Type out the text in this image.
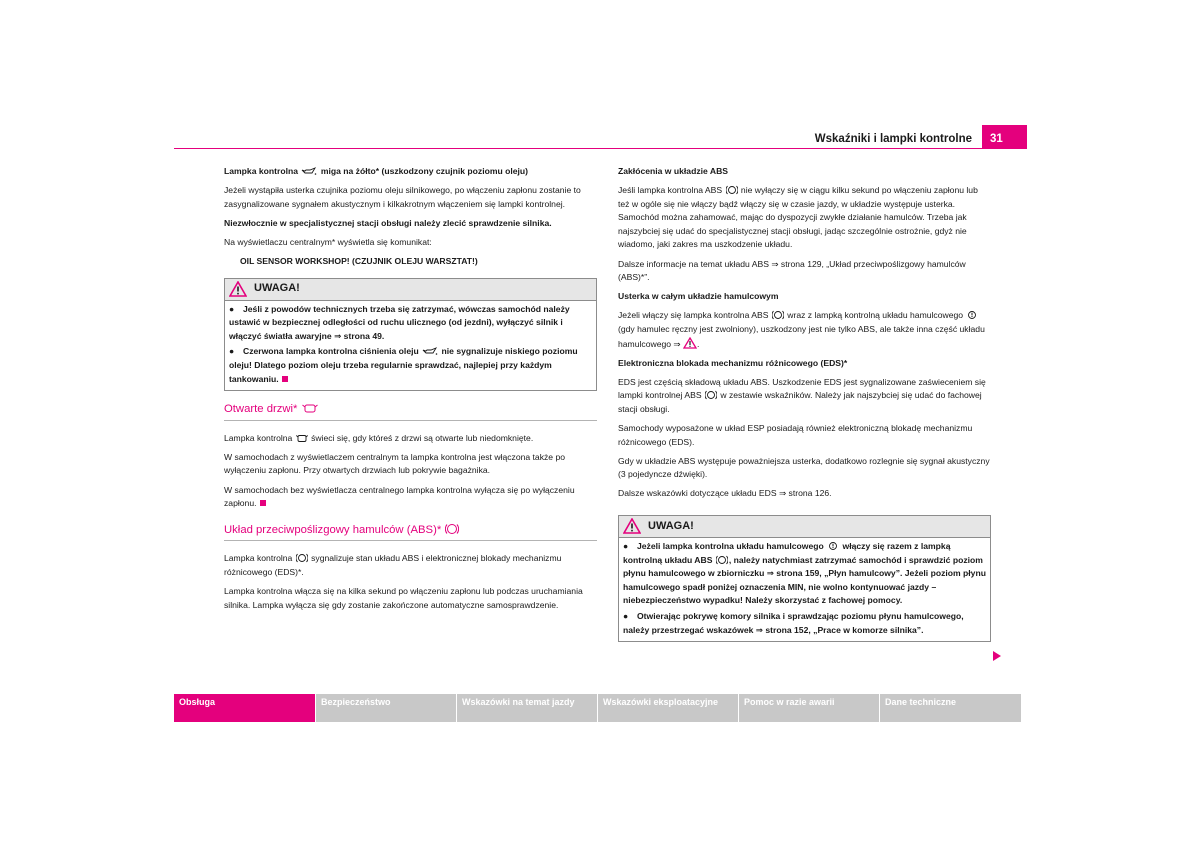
Wskaźniki i lampki kontrolne	31

Lampka kontrolna	miga na żółto* (uszkodzony czujnik poziomu oleju)

Jeżeli wystąpiła usterka czujnika poziomu oleju silnikowego, po włączeniu zapłonu zostanie to zasygnalizowane sygnałem akustycznym i kilkakrotnym włączeniem się lampki kontrolnej.

Niezwłocznie w specjalistycznej stacji obsługi należy zlecić sprawdzenie silnika.

Na wyświetlaczu centralnym* wyświetla się komunikat:

OIL SENSOR WORKSHOP! (CZUJNIK OLEJU WARSZTAT!)

UWAGA!

● Jeśli z powodów technicznych trzeba się zatrzymać, wówczas samochód należy ustawić w bezpiecznej odległości od ruchu ulicznego (od jezdni), wyłączyć silnik i włączyć światła awaryjne ⇒ strona 49.

● Czerwona lampka kontrolna ciśnienia oleju	nie sygnalizuje niskiego poziomu oleju! Dlatego poziom oleju trzeba regularnie sprawdzać, najlepiej przy każdym tankowaniu.

Otwarte drzwi*

Lampka kontrolna świeci się, gdy któreś z drzwi są otwarte lub niedomknięte.

W samochodach z wyświetlaczem centralnym ta lampka kontrolna jest włączona także po wyłączeniu zapłonu. Przy otwartych drzwiach lub pokrywie bagażnika.

W samochodach bez wyświetlacza centralnego lampka kontrolna wyłącza się po wyłączeniu zapłonu.

Układ przeciwpoślizgowy hamulców (ABS)*

Lampka kontrolna sygnalizuje stan układu ABS i elektronicznej blokady mechanizmu różnicowego (EDS)*.

Lampka kontrolna włącza się na kilka sekund po włączeniu zapłonu lub podczas uruchamiania silnika. Lampka wyłącza się gdy zostanie zakończone automatyczne samosprawdzenie.

Zakłócenia w układzie ABS

Jeśli lampka kontrolna ABS nie wyłączy się w ciągu kilku sekund po włączeniu zapłonu lub też w ogóle się nie włączy bądź włączy się w czasie jazdy, w układzie występuje usterka. Samochód można zahamować, mając do dyspozycji zwykłe działanie hamulców. Trzeba jak najszybciej się udać do specjalistycznej stacji obsługi, jadąc szczególnie ostrożnie, gdyż nie wiadomo, jaki zakres ma uszkodzenie układu.

Dalsze informacje na temat układu ABS ⇒ strona 129, „Układ przeciwpoślizgowy hamulców (ABS)*”.

Usterka w całym układzie hamulcowym

Jeżeli włączy się lampka kontrolna ABS wraz z lampką kontrolną układu hamulcowego  (gdy hamulec ręczny jest zwolniony), uszkodzony jest nie tylko ABS, ale także inna część układu hamulcowego ⇒ .

Elektroniczna blokada mechanizmu różnicowego (EDS)*

EDS jest częścią składową układu ABS. Uszkodzenie EDS jest sygnalizowane zaświeceniem się lampki kontrolnej ABS w zestawie wskaźników. Należy jak najszybciej się udać do fachowej stacji obsługi.

Samochody wyposażone w układ ESP posiadają również elektroniczną blokadę mechanizmu różnicowego (EDS).

Gdy w układzie ABS występuje poważniejsza usterka, dodatkowo rozlegnie się sygnał akustyczny (3 pojedyncze dźwięki).

Dalsze wskazówki dotyczące układu EDS ⇒ strona 126.

UWAGA!

● Jeżeli lampka kontrolna układu hamulcowego włączy się razem z lampką kontrolną układu ABS , należy natychmiast zatrzymać samochód i sprawdzić poziom płynu hamulcowego w zbiorniczku ⇒ strona 159, „Płyn hamulcowy”. Jeżeli poziom płynu hamulcowego spadł poniżej oznaczenia MIN, nie wolno kontynuować jazdy – niebezpieczeństwo wypadku! Należy skorzystać z fachowej pomocy.

● Otwierając pokrywę komory silnika i sprawdzając poziomu płynu hamulcowego, należy przestrzegać wskazówek ⇒ strona 152, „Prace w komorze silnika”.

Obsługa	Bezpieczeństwo	Wskazówki na temat jazdy	Wskazówki eksploatacyjne	Pomoc w razie awarii	Dane techniczne
